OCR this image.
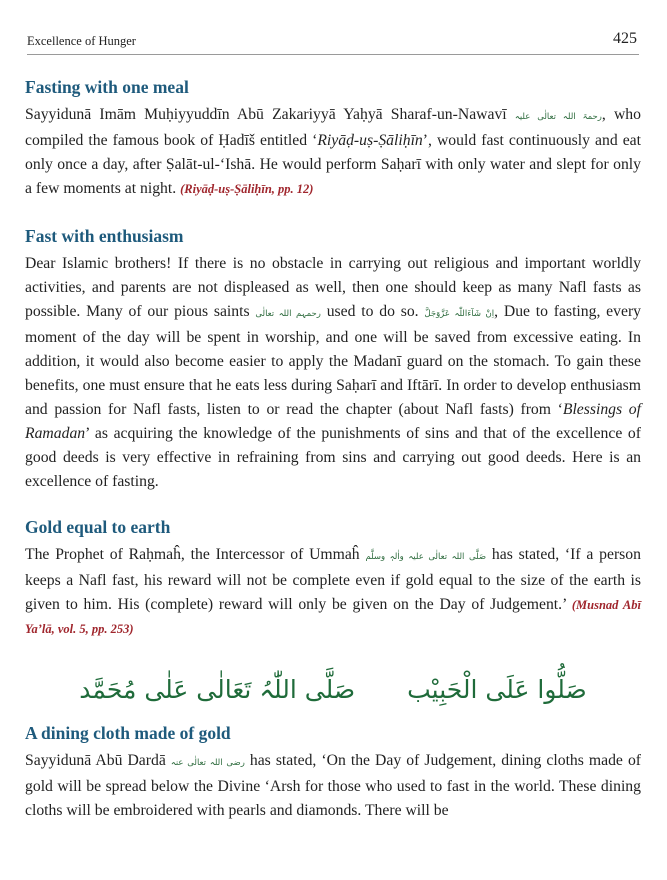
Excellence of Hunger	425
Fasting with one meal

Sayyidunā Imām Muḥiyyuddīn Abū Zakariyyā Yaḥyā Sharaf-un-Nawavī رحمۃ اللہ تعالٰی علیہ, who compiled the famous book of Ḥadīš entitled ‘Riyāḍ-uṣ-Ṣāliḥīn’, would fast continuously and eat only once a day, after Ṣalāt-ul-‘Ishā. He would perform Saḥarī with only water and slept for only a few moments at night. (Riyāḍ-uṣ-Ṣāliḥīn, pp. 12)

Fast with enthusiasm

Dear Islamic brothers! If there is no obstacle in carrying out religious and important worldly activities, and parents are not displeased as well, then one should keep as many Nafl fasts as possible. Many of our pious saints رحمہم اللہ تعالٰی used to do so. اِنْ شَآءَاللّٰہ عَزَّوَجَلَّ, Due to fasting, every moment of the day will be spent in worship, and one will be saved from excessive eating. In addition, it would also become easier to apply the Madanī guard on the stomach. To gain these benefits, one must ensure that he eats less during Saḥarī and Iftārī. In order to develop enthusiasm and passion for Nafl fasts, listen to or read the chapter (about Nafl fasts) from ‘Blessings of Ramadan’ as acquiring the knowledge of the punishments of sins and that of the excellence of good deeds is very effective in refraining from sins and carrying out good deeds. Here is an excellence of fasting.

Gold equal to earth

The Prophet of Raḥmaĥ, the Intercessor of Ummaĥ صَلَّی اللہ تعالٰی علیہ واٰلہٖ وسلَّم has stated, ‘If a person keeps a Nafl fast, his reward will not be complete even if gold equal to the size of the earth is given to him. His (complete) reward will only be given on the Day of Judgement.’ (Musnad Abī Ya’lā, vol. 5, pp. 253)

صَلُّوا عَلَی الْحَبِیْب
صَلَّی اللّٰہُ تَعَالٰی عَلٰی مُحَمَّد
A dining cloth made of gold

Sayyidunā Abū Dardā رضی اللہ تعالٰی عنہ has stated, ‘On the Day of Judgement, dining cloths made of gold will be spread below the Divine ‘Arsh for those who used to fast in the world. These dining cloths will be embroidered with pearls and diamonds. There will be
